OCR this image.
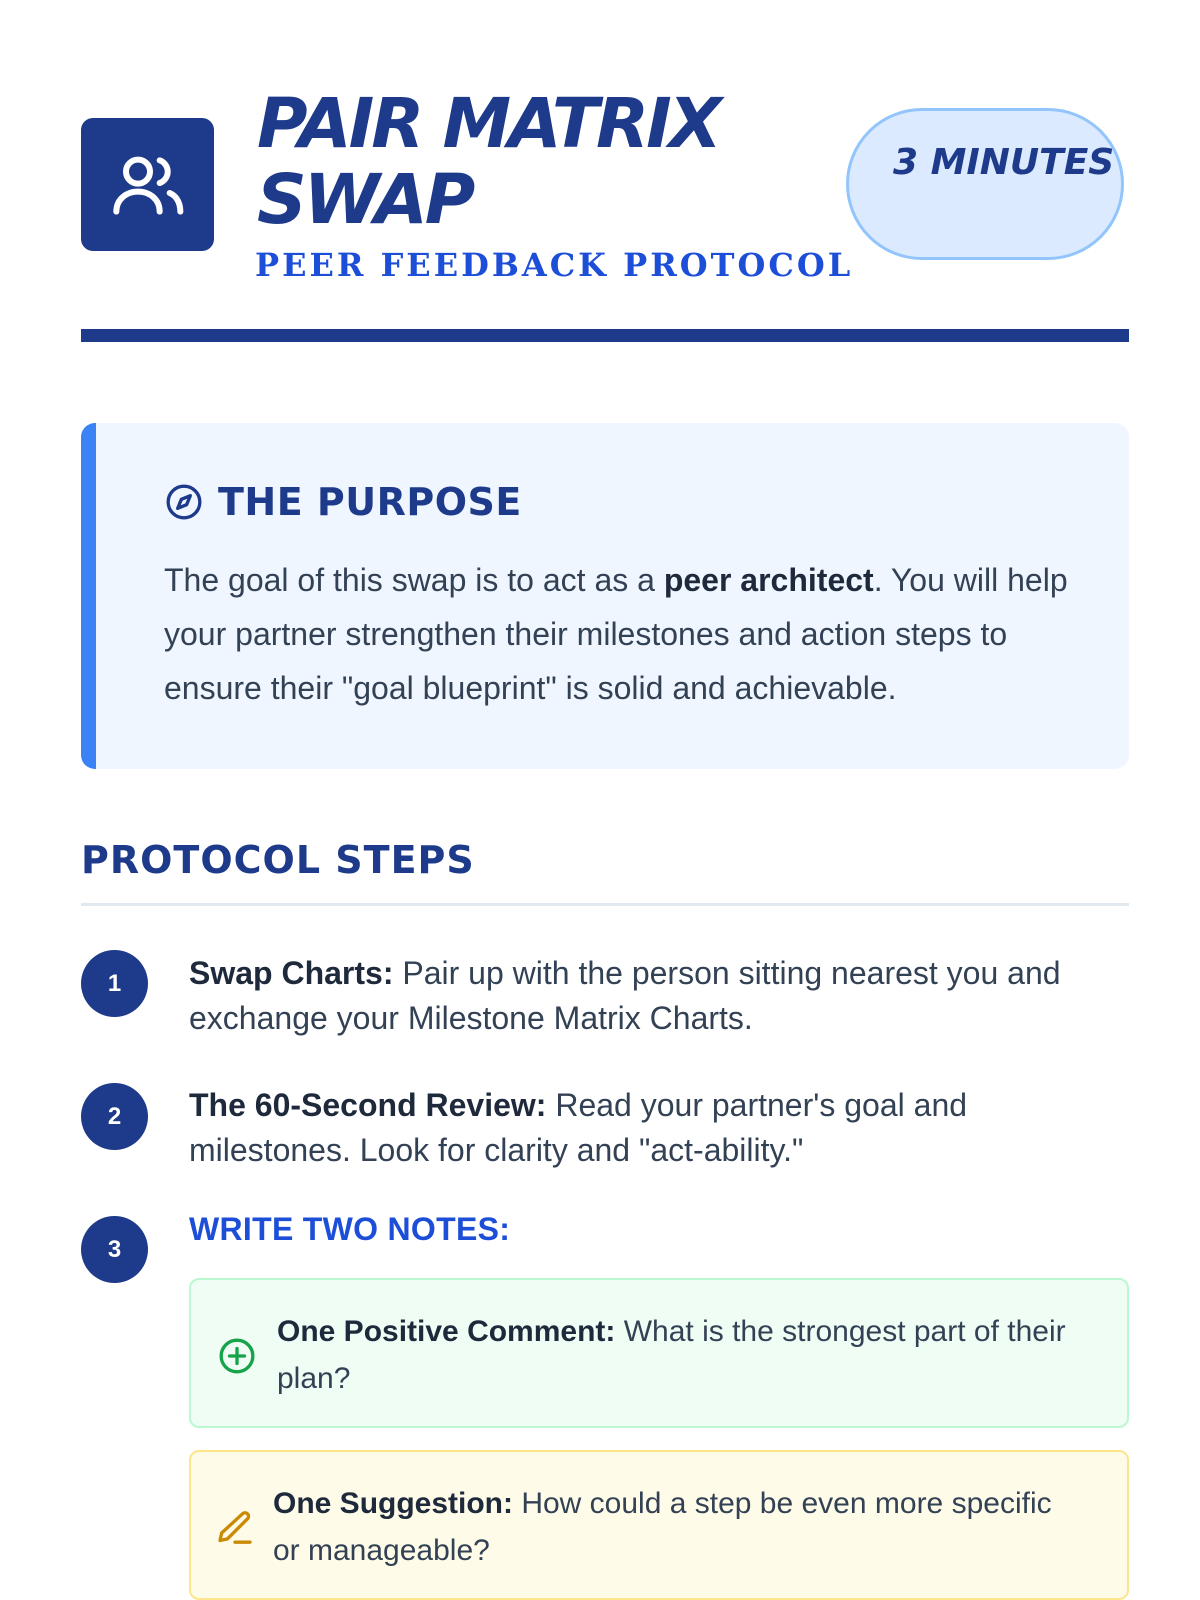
PAIR MATRIX SWAP
PEER FEEDBACK PROTOCOL
3 MINUTES
THE PURPOSE

The goal of this swap is to act as a peer architect. You will help your partner strengthen their milestones and action steps to ensure their "goal blueprint" is solid and achievable.

PROTOCOL STEPS
1	Swap Charts: Pair up with the person sitting nearest you and exchange your Milestone Matrix Charts.

2	The 60-Second Review: Read your partner's goal and milestones. Look for clarity and "act-ability."

3

WRITE TWO NOTES:

One Positive Comment: What is the strongest part of their plan?

One Suggestion: How could a step be even more specific or manageable?
